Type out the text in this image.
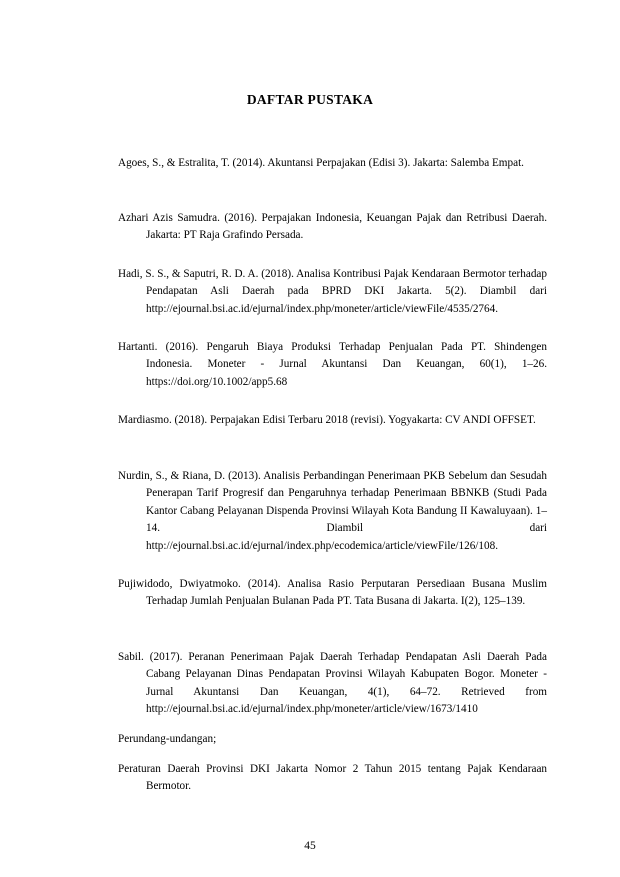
DAFTAR PUSTAKA
Agoes, S., & Estralita, T. (2014). Akuntansi Perpajakan (Edisi 3). Jakarta: Salemba Empat.
Azhari Azis Samudra. (2016). Perpajakan Indonesia, Keuangan Pajak dan Retribusi Daerah. Jakarta: PT Raja Grafindo Persada.
Hadi, S. S., & Saputri, R. D. A. (2018). Analisa Kontribusi Pajak Kendaraan Bermotor terhadap Pendapatan Asli Daerah pada BPRD DKI Jakarta. 5(2). Diambil dari http://ejournal.bsi.ac.id/ejurnal/index.php/moneter/article/viewFile/4535/2764.
Hartanti. (2016). Pengaruh Biaya Produksi Terhadap Penjualan Pada PT. Shindengen Indonesia. Moneter - Jurnal Akuntansi Dan Keuangan, 60(1), 1–26. https://doi.org/10.1002/app5.68
Mardiasmo. (2018). Perpajakan Edisi Terbaru 2018 (revisi). Yogyakarta: CV ANDI OFFSET.
Nurdin, S., & Riana, D. (2013). Analisis Perbandingan Penerimaan PKB Sebelum dan Sesudah Penerapan Tarif Progresif dan Pengaruhnya terhadap Penerimaan BBNKB (Studi Pada Kantor Cabang Pelayanan Dispenda Provinsi Wilayah Kota Bandung II Kawaluyaan). 1–14. Diambil dari http://ejournal.bsi.ac.id/ejurnal/index.php/ecodemica/article/viewFile/126/108.
Pujiwidodo, Dwiyatmoko. (2014). Analisa Rasio Perputaran Persediaan Busana Muslim Terhadap Jumlah Penjualan Bulanan Pada PT. Tata Busana di Jakarta. I(2), 125–139.
Sabil. (2017). Peranan Penerimaan Pajak Daerah Terhadap Pendapatan Asli Daerah Pada Cabang Pelayanan Dinas Pendapatan Provinsi Wilayah Kabupaten Bogor. Moneter - Jurnal Akuntansi Dan Keuangan, 4(1), 64–72. Retrieved from http://ejournal.bsi.ac.id/ejurnal/index.php/moneter/article/view/1673/1410
Perundang-undangan;
Peraturan Daerah Provinsi DKI Jakarta Nomor 2 Tahun 2015 tentang Pajak Kendaraan Bermotor.
45
